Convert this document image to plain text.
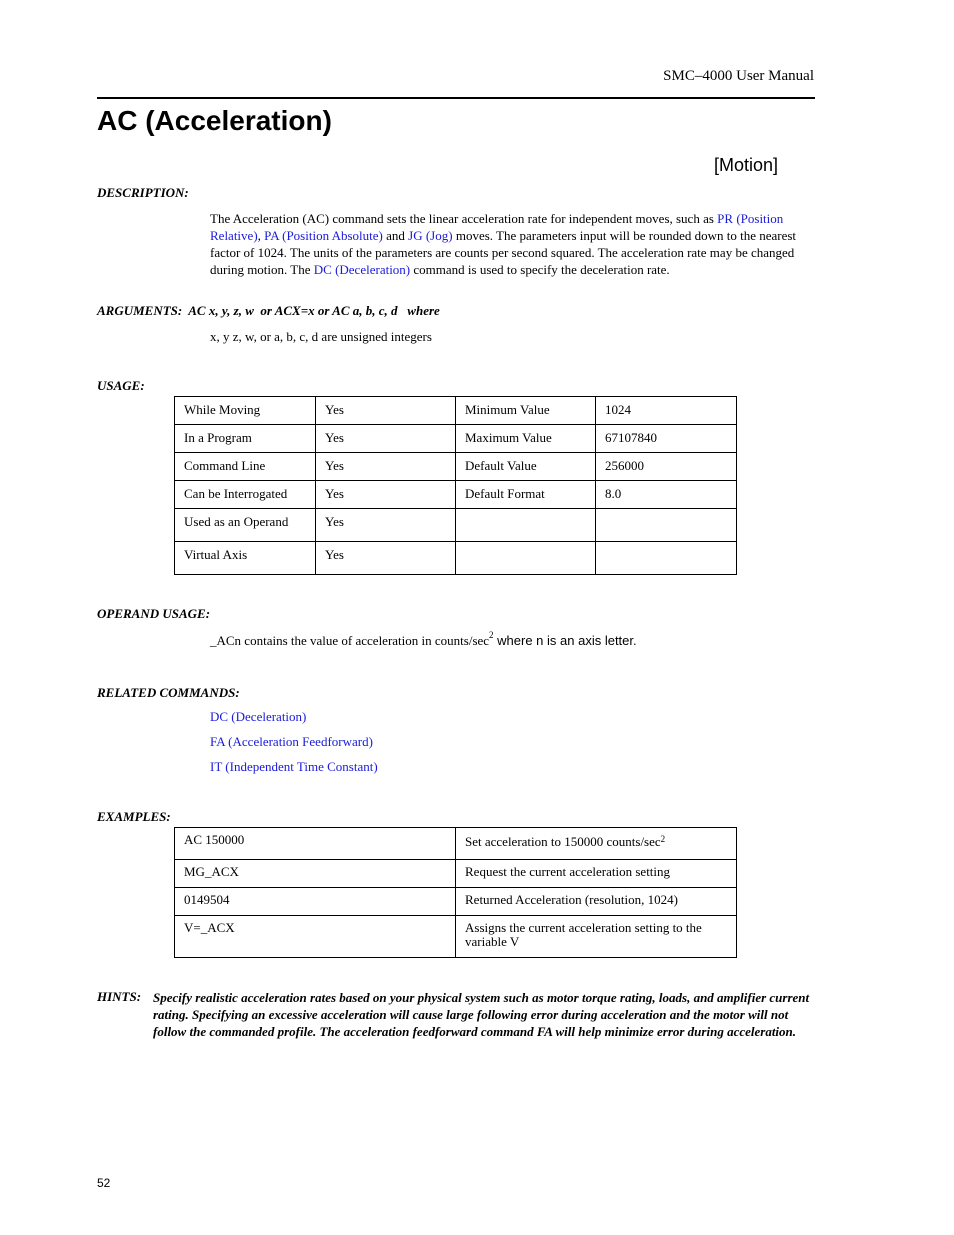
SMC–4000 User Manual
AC (Acceleration)
[Motion]
DESCRIPTION:
The Acceleration (AC) command sets the linear acceleration rate for independent moves, such as PR (Position Relative), PA (Position Absolute) and JG (Jog) moves. The parameters input will be rounded down to the nearest factor of 1024. The units of the parameters are counts per second squared. The acceleration rate may be changed during motion. The DC (Deceleration) command is used to specify the deceleration rate.
ARGUMENTS:  AC x, y, z, w  or ACX=x or AC a, b, c, d   where
x, y z, w, or a, b, c, d are unsigned integers
USAGE:
While Moving	Yes	Minimum Value	1024
In a Program	Yes	Maximum Value	67107840
Command Line	Yes	Default Value	256000
Can be Interrogated	Yes	Default Format	8.0
Used as an Operand	Yes		
Virtual Axis	Yes		
OPERAND USAGE:
_ACn contains the value of acceleration in counts/$\sec^2$ where n is an axis letter.
RELATED COMMANDS:
DC (Deceleration)
FA (Acceleration Feedforward)
IT (Independent Time Constant)
EXAMPLES:
AC 150000	Set acceleration to 150000 counts/$\sec^2$
MG_ACX	Request the current acceleration setting
0149504	Returned Acceleration (resolution, 1024)
V=_ACX	Assigns the current acceleration setting to the variable V
HINTS: Specify realistic acceleration rates based on your physical system such as motor torque rating, loads, and amplifier current rating. Specifying an excessive acceleration will cause large following error during acceleration and the motor will not follow the commanded profile. The acceleration feedforward command FA will help minimize error during acceleration.
52
